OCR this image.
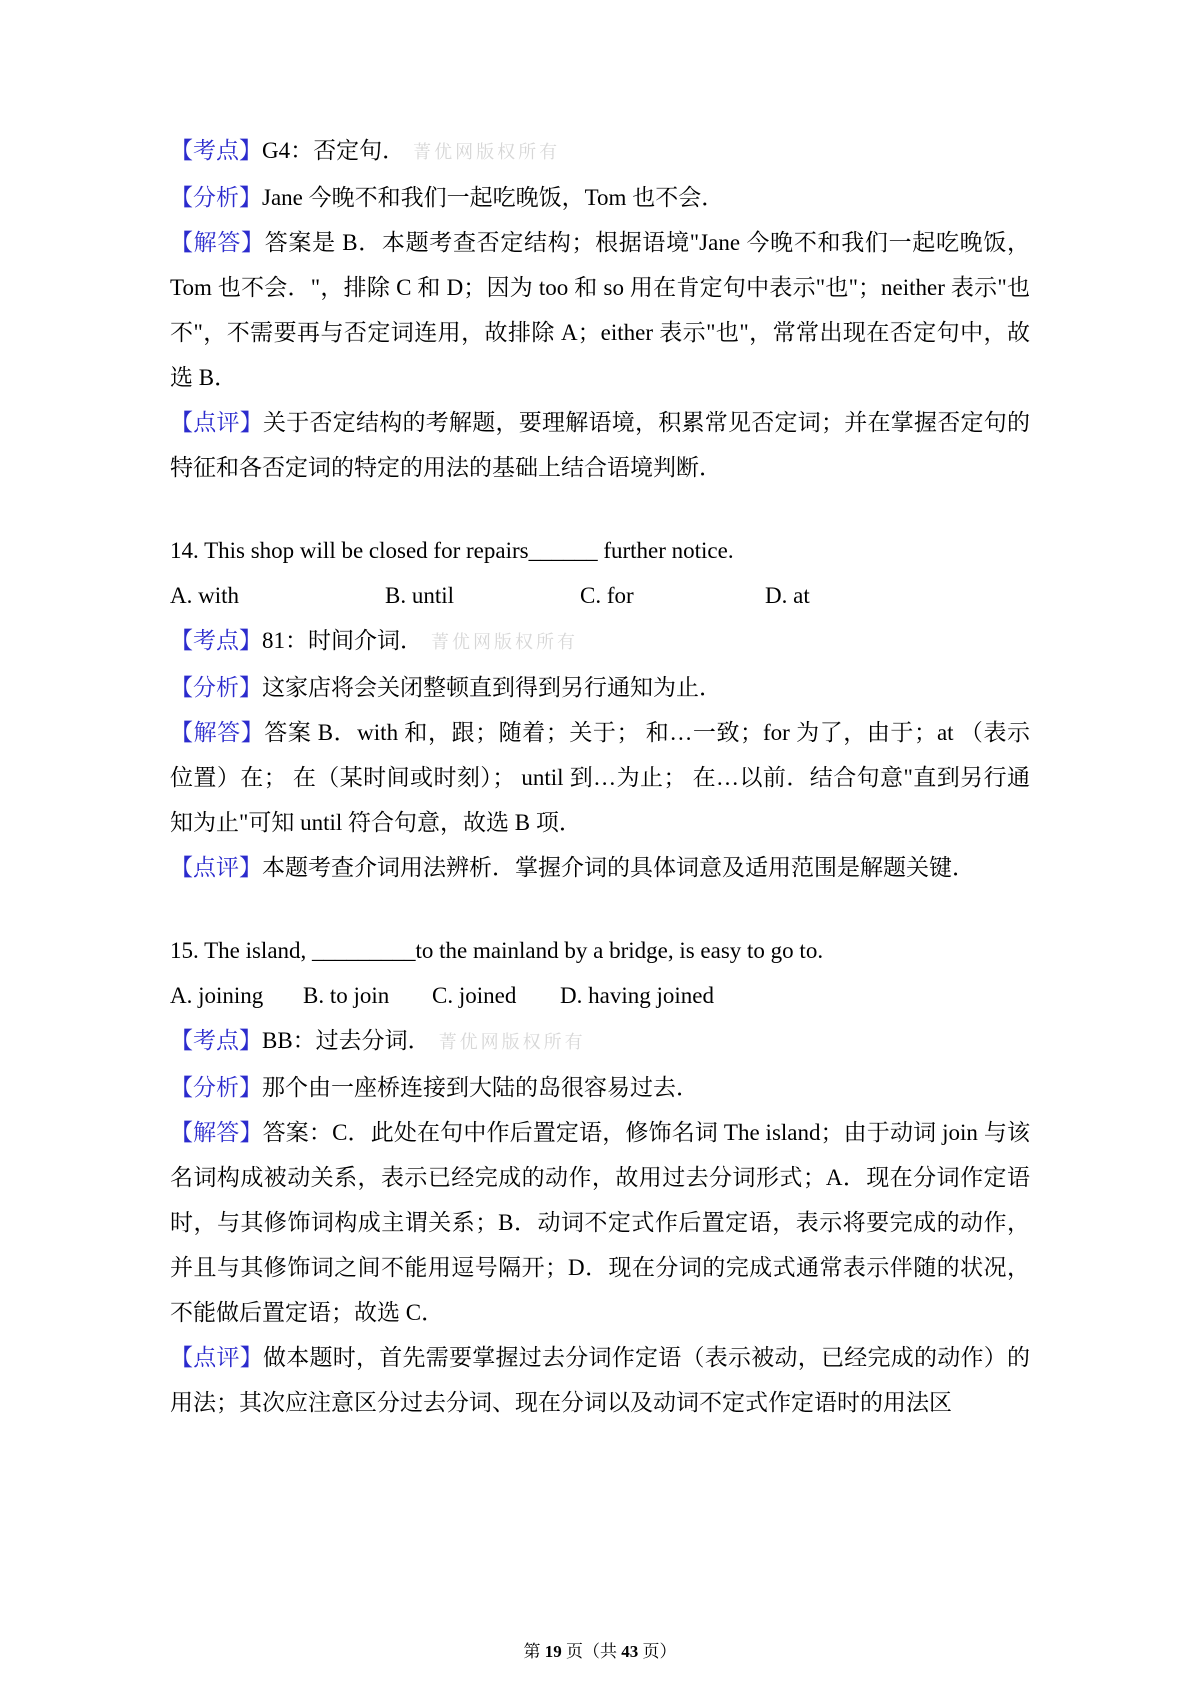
【考点】G4：否定句． 菁优网版权所有

【分析】Jane 今晚不和我们一起吃晚饭，Tom 也不会．

【解答】答案是 B．本题考查否定结构；根据语境"Jane 今晚不和我们一起吃晚饭，Tom 也不会．"，排除 C 和 D；因为 too 和 so 用在肯定句中表示"也"；neither 表示"也不"，不需要再与否定词连用，故排除 A；either 表示"也"，常常出现在否定句中，故选 B．

【点评】关于否定结构的考解题，要理解语境，积累常见否定词；并在掌握否定句的特征和各否定词的特定的用法的基础上结合语境判断．

14. This shop will be closed for repairs______ further notice.

A. with	B. until	C. for	D. at

【考点】81：时间介词． 菁优网版权所有

【分析】这家店将会关闭整顿直到得到另行通知为止．

【解答】答案 B．with 和，跟；随着；关于； 和…一致；for 为了，由于；at （表示位置）在； 在（某时间或时刻）； until 到…为止； 在…以前．结合句意"直到另行通知为止"可知 until 符合句意，故选 B 项．

【点评】本题考查介词用法辨析．掌握介词的具体词意及适用范围是解题关键．

15. The island, _________to the mainland by a bridge, is easy to go to.

A. joining B. to join C. joined D. having joined

【考点】BB：过去分词． 菁优网版权所有

【分析】那个由一座桥连接到大陆的岛很容易过去．

【解答】答案：C．此处在句中作后置定语，修饰名词 The island；由于动词 join 与该名词构成被动关系，表示已经完成的动作，故用过去分词形式；A．现在分词作定语时，与其修饰词构成主谓关系；B．动词不定式作后置定语，表示将要完成的动作，并且与其修饰词之间不能用逗号隔开；D．现在分词的完成式通常表示伴随的状况，不能做后置定语；故选 C．

【点评】做本题时，首先需要掌握过去分词作定语（表示被动，已经完成的动作）的用法；其次应注意区分过去分词、现在分词以及动词不定式作定语时的用法区

第 19 页（共 43 页）
